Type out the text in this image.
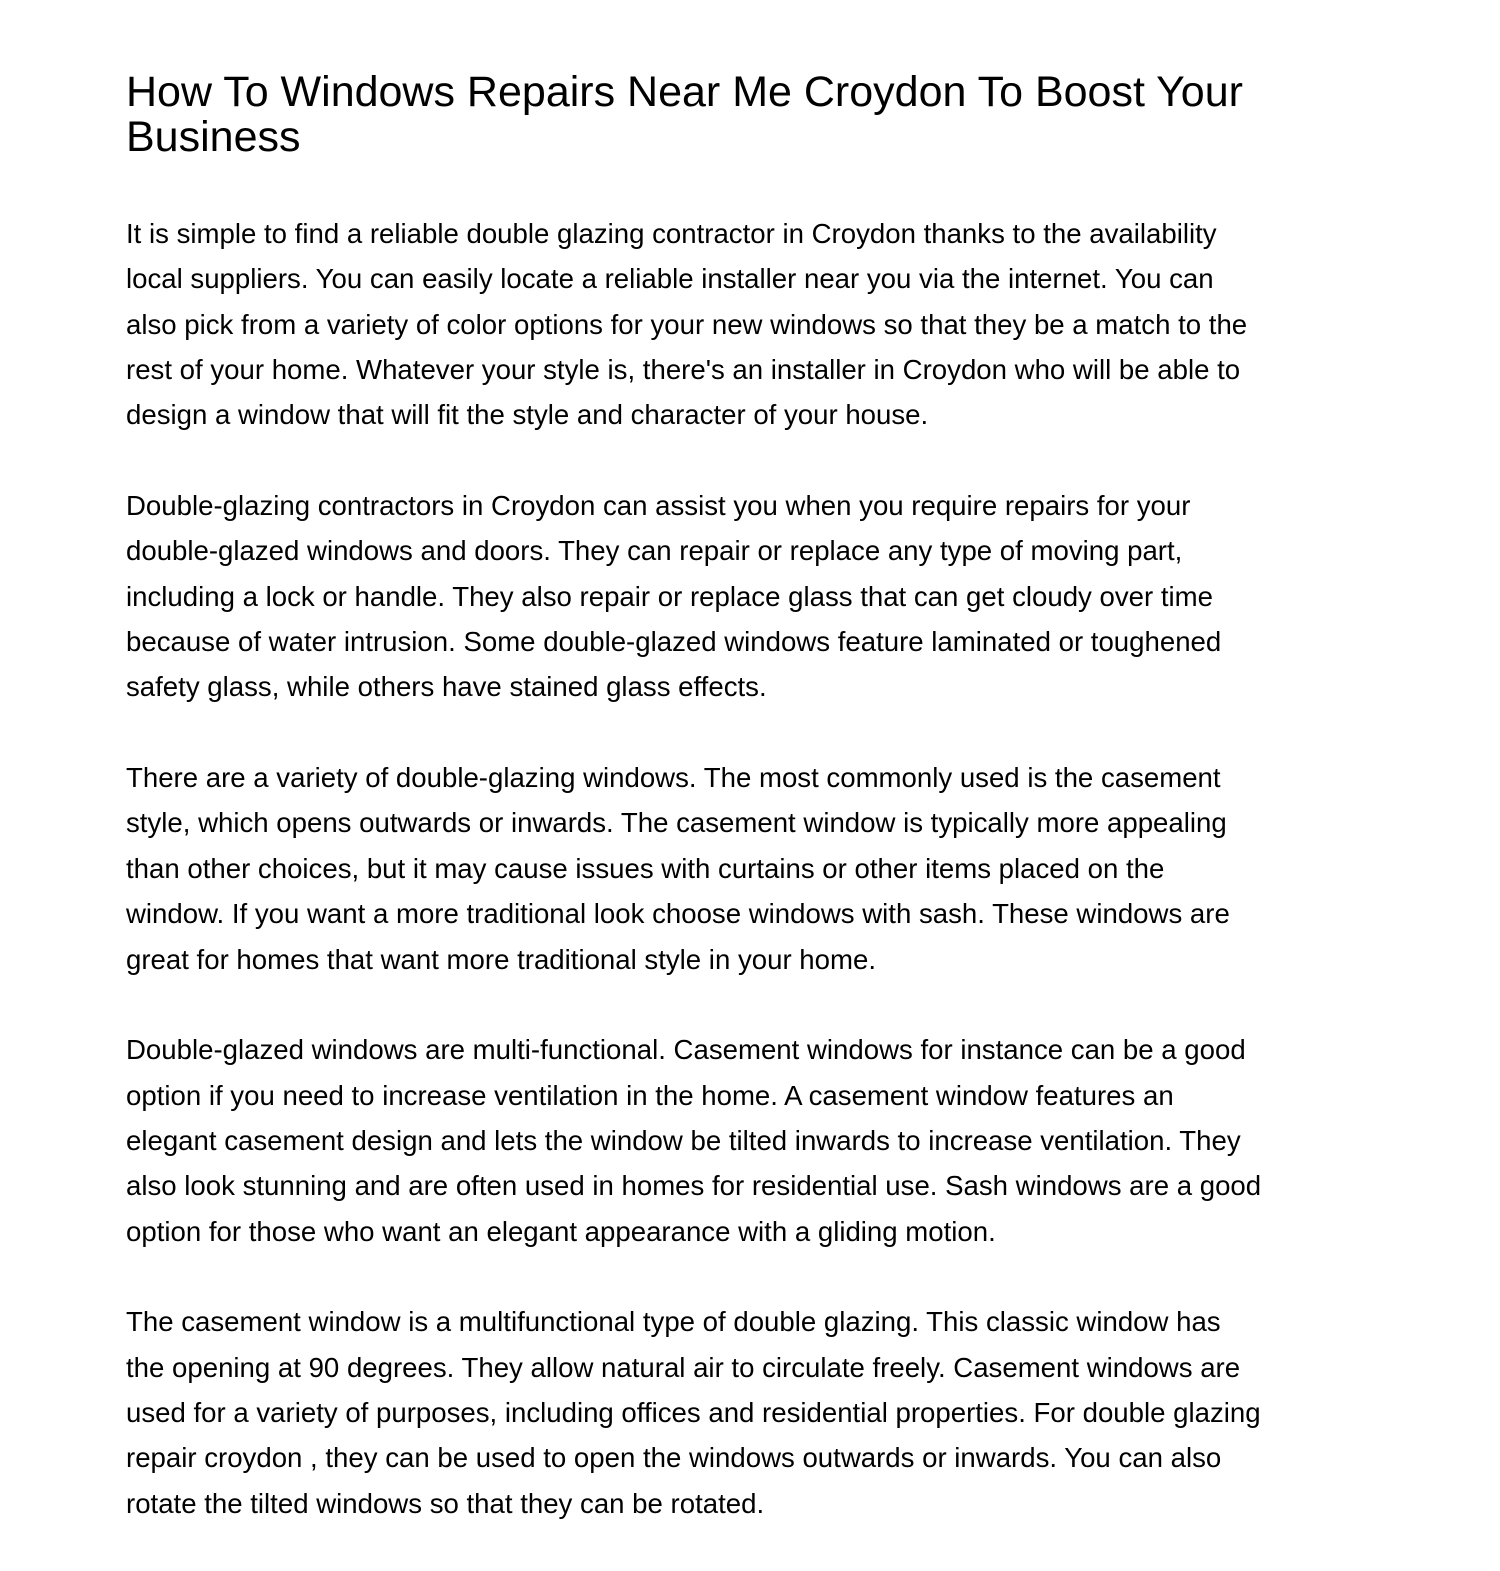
How To Windows Repairs Near Me Croydon To Boost Your
Business

It is simple to find a reliable double glazing contractor in Croydon thanks to the availability
local suppliers. You can easily locate a reliable installer near you via the internet. You can
also pick from a variety of color options for your new windows so that they be a match to the
rest of your home. Whatever your style is, there's an installer in Croydon who will be able to
design a window that will fit the style and character of your house.

Double-glazing contractors in Croydon can assist you when you require repairs for your
double-glazed windows and doors. They can repair or replace any type of moving part,
including a lock or handle. They also repair or replace glass that can get cloudy over time
because of water intrusion. Some double-glazed windows feature laminated or toughened
safety glass, while others have stained glass effects.

There are a variety of double-glazing windows. The most commonly used is the casement
style, which opens outwards or inwards. The casement window is typically more appealing
than other choices, but it may cause issues with curtains or other items placed on the
window. If you want a more traditional look choose windows with sash. These windows are
great for homes that want more traditional style in your home.

Double-glazed windows are multi-functional. Casement windows for instance can be a good
option if you need to increase ventilation in the home. A casement window features an
elegant casement design and lets the window be tilted inwards to increase ventilation. They
also look stunning and are often used in homes for residential use. Sash windows are a good
option for those who want an elegant appearance with a gliding motion.

The casement window is a multifunctional type of double glazing. This classic window has
the opening at 90 degrees. They allow natural air to circulate freely. Casement windows are
used for a variety of purposes, including offices and residential properties. For double glazing
repair croydon , they can be used to open the windows outwards or inwards. You can also
rotate the tilted windows so that they can be rotated.
